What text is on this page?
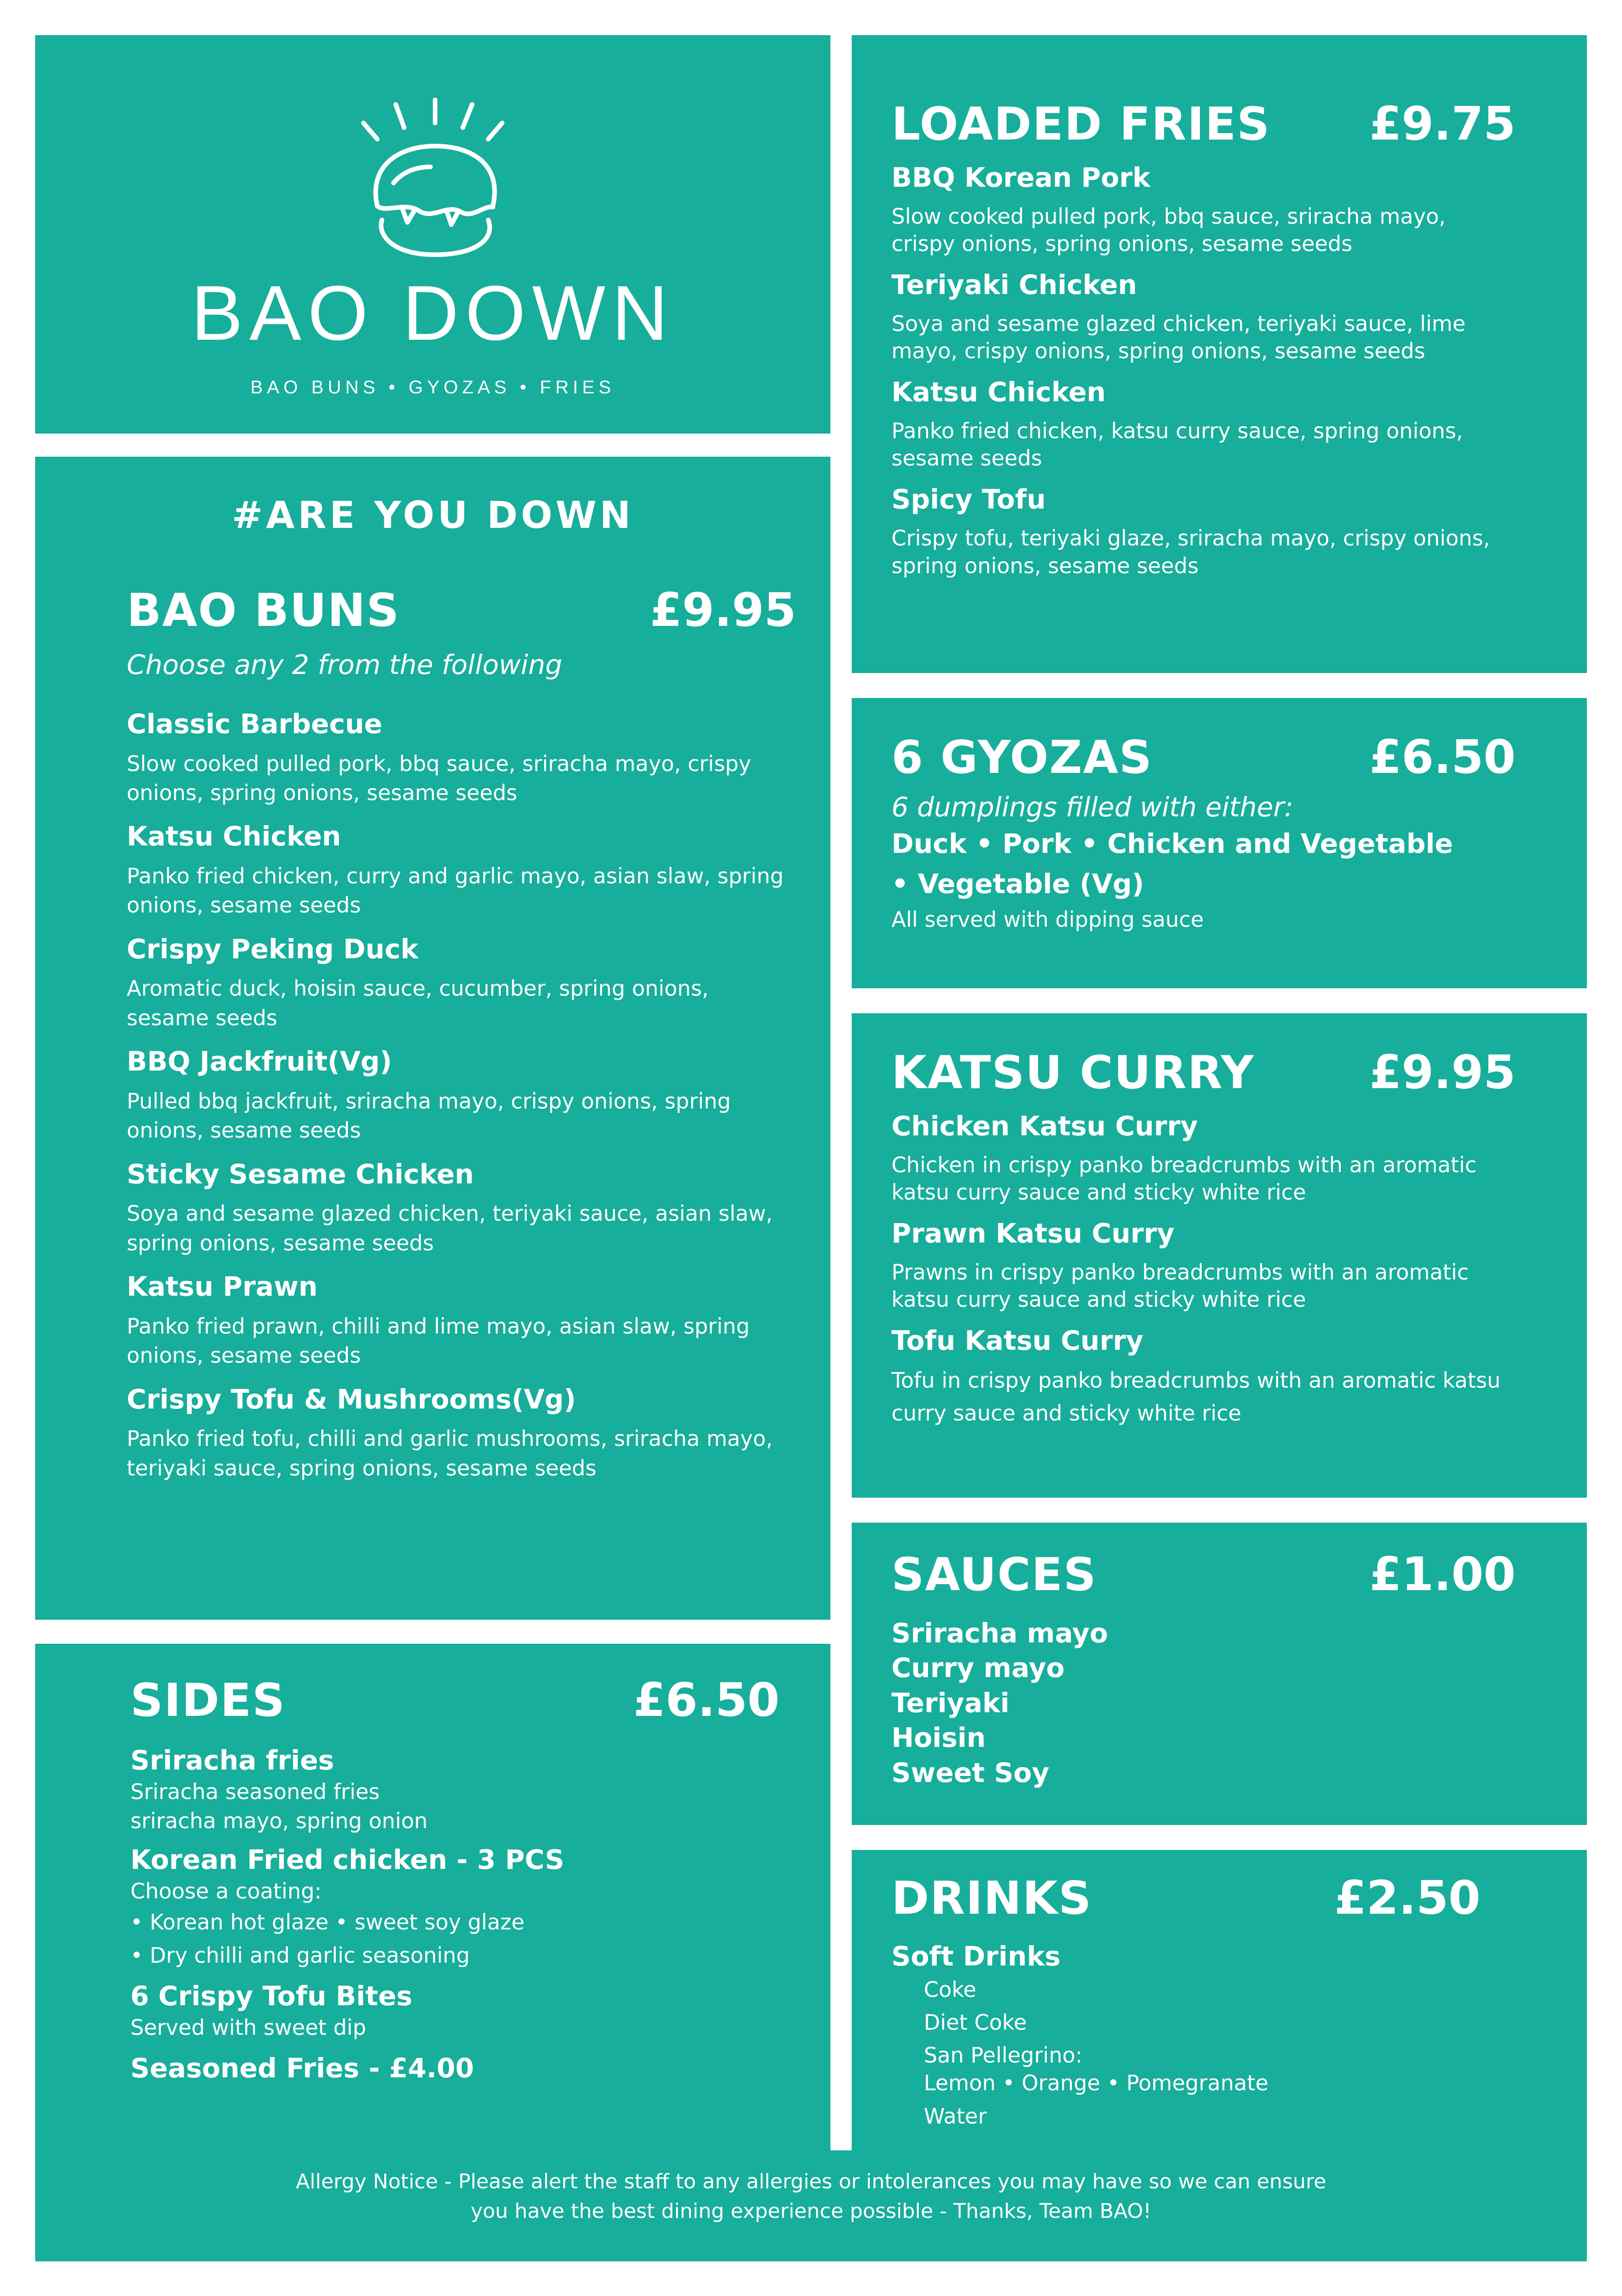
BAO DOWN
BAO BUNS • GYOZAS • FRIES
#ARE YOU DOWN
BAO BUNS	£9.95
Choose any 2 from the following
Classic Barbecue
Slow cooked pulled pork, bbq sauce, sriracha mayo, crispy onions, spring onions, sesame seeds
Katsu Chicken
Panko fried chicken, curry and garlic mayo, asian slaw, spring onions, sesame seeds
Crispy Peking Duck
Aromatic duck, hoisin sauce, cucumber, spring onions, sesame seeds
BBQ Jackfruit(Vg)
Pulled bbq jackfruit, sriracha mayo, crispy onions, spring onions, sesame seeds
Sticky Sesame Chicken
Soya and sesame glazed chicken, teriyaki sauce, asian slaw, spring onions, sesame seeds
Katsu Prawn
Panko fried prawn, chilli and lime mayo, asian slaw, spring onions, sesame seeds
Crispy Tofu & Mushrooms(Vg)
Panko fried tofu, chilli and garlic mushrooms, sriracha mayo, teriyaki sauce, spring onions, sesame seeds
SIDES	£6.50
Sriracha fries
Sriracha seasoned fries
sriracha mayo, spring onion
Korean Fried chicken - 3 PCS
Choose a coating:
• Korean hot glaze • sweet soy glaze
• Dry chilli and garlic seasoning
6 Crispy Tofu Bites
Served with sweet dip
Seasoned Fries - £4.00
LOADED FRIES £9.75
BBQ Korean Pork
Slow cooked pulled pork, bbq sauce, sriracha mayo, crispy onions, spring onions, sesame seeds
Teriyaki Chicken
Soya and sesame glazed chicken, teriyaki sauce, lime mayo, crispy onions, spring onions, sesame seeds
Katsu Chicken
Panko fried chicken, katsu curry sauce, spring onions, sesame seeds
Spicy Tofu
Crispy tofu, teriyaki glaze, sriracha mayo, crispy onions, spring onions, sesame seeds
6 GYOZAS	£6.50
6 dumplings filled with either:
Duck • Pork • Chicken and Vegetable
• Vegetable (Vg)
All served with dipping sauce
KATSU CURRY £9.95
Chicken Katsu Curry
Chicken in crispy panko breadcrumbs with an aromatic katsu curry sauce and sticky white rice
Prawn Katsu Curry
Prawns in crispy panko breadcrumbs with an aromatic katsu curry sauce and sticky white rice
Tofu Katsu Curry
Tofu in crispy panko breadcrumbs with an aromatic katsu curry sauce and sticky white rice
SAUCES	£1.00
Sriracha mayo
Curry mayo
Teriyaki
Hoisin
Sweet Soy
DRINKS	£2.50
Soft Drinks
Coke
Diet Coke
San Pellegrino:
Lemon • Orange • Pomegranate
Water
Allergy Notice - Please alert the staff to any allergies or intolerances you may have so we can ensure
you have the best dining experience possible - Thanks, Team BAO!
